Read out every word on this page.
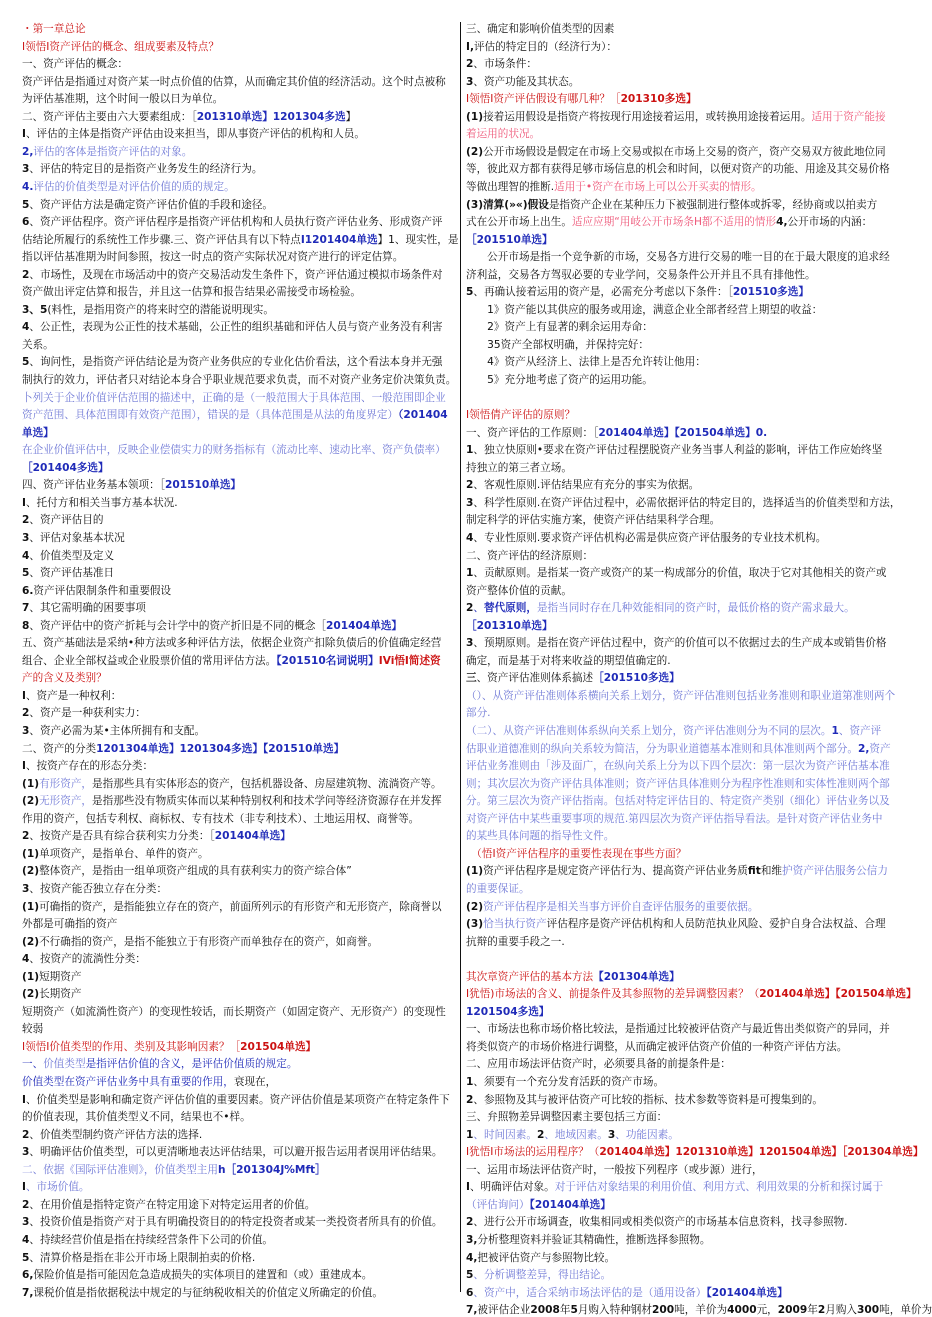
・第一章总论
I领悟I资产评估的概念、组成要素及特点？
一、资产评估的概念：
资产评估是指通过对资产某一时点价值的估算，从而确定其价值的经济活动。这个时点被称
为评估基准期，这个时间一般以日为单位。
二、资产评估主要由六大要素组成：［201310单选】1201304多选】
I、评估的主体是指资产评估由设来担当，即从事资产评估的机构和人员。
2,评估的客体是指资产评估的对象。
3、评估的特定目的是指资产业务发生的经济行为。
4.评估的价值类型是对评估价值的质的规定。
5、资产评估方法是确定资产评估价值的手段和途径。
6、资产评估程序。资产评估程序是指资产评估机构和人员执行资产评估业务、形成资产评
估结论所履行的系统性工作步骤.三、资产评估具有以下特点I1201404单选】1、现实性，是
指以评估基准期为时间参照，按这一时点的资产实际状况对资产进行的评定估算。
2、市场性，及现在市场活动中的资产交易活动发生条件下，资产评估通过模拟市场条件对
资产做出评定估算和报告，并且这一估算和报告结果必需接受市场检验。
3、5(料性，是指用资产的将来时空的潜能说明现实。
4、公正性，表现为公正性的技术基础，公正性的组织基础和评估人员与资产业务没有利害
关系。
5、询问性，是指资产评估结论是为资产业务供应的专业化估价看法，这个看法本身并无强
制执行的效力，评估者只对结论本身合乎职业规范要求负责，而不对资产业务定价决策负责。
卜列关于企业价值评估范围的描述中，正确的是（一般范围大于具体范围、一般范围即企业
资产范围、具体范围即有效资产范围），错误的是（具体范围是从法的角度界定）（201404
单选】
在企业价值评估中，反映企业偿债实力的财务指标有（流动比率、速动比率、资产负债率）
［201404多选】
四、资产评估业务基本领项：［201510单选】
I、托付方和相关当事方基本状况.
2、资产评估目的
3、评估对象基本状况
4、价值类型及定义
5、资产评估基准日
6.资产评估限制条件和重要假设
7、其它需明确的困要事项
8、资产评估中的资产折耗与会计学中的资产折旧是不同的概念［201404单选】
五、资产基础法是采纳•种方法或多种评估方法，依据企业资产扣除负债后的价值确定经营
组合、企业全部权益或企业股票价值的常用评估方法。【201510名词说明】IVi悟I简述资
产的含义及类别？
I、资产是一种权利：
2、资产是一种获利实力：
3、资产必需为某•主体所拥有和支配。
二、资产的分类1201304单选】1201304多选】【201510单选】
I、按资产存在的形态分类：
(1)有形资产，是指那些具有实体形态的资产，包括机器设备、房屋建筑物、流淌资产等。
(2)无形资产，是指那些没有物质实体而以某种特别权利和技术学问等经济资源存在并发挥
作用的资产，包括专利权、商标权、专有技术（非专利技术）、土地运用权、商誉等。
2、按资产是否具有综合获利实力分类：［201404单选】
(1)单项资产，是指单台、单件的资产。
(2)整体资产，是指由一组单项资产组成的具有获利实力的资产综合体”
3、按资产能否独立存在分类：
(1)可确指的资产，是指能独立存在的资产，前面所列示的有形资产和无形资产，除商誉以
外都是可确指的资产
(2)不行确指的资产，是指不能独立于有形资产而单独存在的资产，如商誉。
4、按资产的流淌性分类：
(1)短期资产
(2)长期资产
短期资产（如流淌性资产）的变现性较话，而长期资产（如固定资产、无形资产）的变现性
较弱
I领悟I价值类型的作用、类别及其影响因素？［201504单选】
一、价值类型是指评估价值的含义，是评估价值质的规定。
价值类型在资产评估业务中具有重要的作用，衰现在，
I、价值类型是影响和确定资产评估价值的重要因素。资产评估价值是某项资产在特定条件下
的价值表现，其价值类型义不同，结果也不•样。
2、价值类型制约资产评估方法的选择.
3、明确评估价值类型，可以更清晰地表达评估结果，可以避开报告运用者误用评估结果。
二、依据《国际评估准则》，价值类型主用h［201304J%Mft］
I、市场价值。
2、在用价值是指特定资产在特定用途下对特定运用者的价值。
3、投资价值是指资产对于具有明确投资目的的特定投资者或某一类投资者所具有的价值。
4、持续经营价值是指在持续经营条件下公司的价值。
5、清算价格是指在非公开市场上限制拍卖的价格.
6,保险价值是指可能因危急造成损失的实体项目的建置和（或）重建成本。
7,课税价值是指依据税法中规定的与征纳税收相关的价值定义所确定的价值。
三、确定和影响价值类型的因素
I,评估的特定目的（经济行为）：
2、市场条件：
3、资产功能及其状态。
I领悟I资产评估假设有哪几种？［201310多选】
(1)接着运用假设是指资产将按现行用途接着运用，或转换用途接着运用。适用于资产能接
着运用的状况。
(2)公开市场假设是假定在市场上交易或拟在市场上交易的资产，资产交易双方彼此地位同
等，彼此双方都有获得足够市场信息的机会和时间，以便对资产的功能、用途及其交易价格
等做出理智的推断.适用于•资产在市场上可以公开买卖的情形。
(3)清算(»«)假设是指资产企业在某种压力下被强制进行整体或拆零，经协商或以拍卖方
式在公开市场上出生。适应应期“用岐公开市场条H都不适用的情形4,公开市场的内涵：
［201510单选】
　　公开市场是指一个竞争新的市场，交易各方进行交易的唯一目的在于最大限度的追求经
济利益，交易各方驾驭必要的专业学问，交易条件公开并且不具有排他性。
5、再确认接着运用的资产是，必需充分考虑以下条件：［201510多选】
　　1》资产能以其供应的服务或用途，满意企业全部者经营上期望的收益：
　　2》资产上有显著的剩余运用寿命：
　　35资产全部权明确，并保持完好：
　　4》资产从经济上、法律上是否允许转让他用：
　　5》充分地考虑了资产的运用功能。
I领悟倩产评估的原则？
一、资产评估的工作原则：［201404单选】【201504单选】0.
1、独立快原则•要求在资产评估过程摆脱资产业务当事人利益的影响，评估工作应始终坚
持独立的第三者立场。
2、客观性原则.评估结果应有充分的事实为依据。
3、科学性原则.在资产评估过程中，必需依据评估的特定目的，选择适当的价值类型和方法，
制定科学的评估实施方案，使资产评估结果科学合理。
4、专业性原则.要求资产评估机构必需是供应资产评估服务的专业技术机构。
二、资产评估的经济原则：
1、贡献原则。是指某一资产或资产的某一构成部分的价值，取决于它对其他相关的资产或
资产整体价值的贡献。
2、替代原则，是指当同时存在几种效能相同的资产时，最低价格的资产需求最大。
［201310单选】
3、预期原则。是指在资产评估过程中，资产的价值可以不依据过去的生产成本或销售价格
确定，而是基于对将来收益的期望值确定的.
三、资产评估准则体系搞述［201510多选】
（）、从资产评估准则体系横向关系上划分，资产评估准则包括业务准则和职业道第准则两个
部分.
（二）、从资产评估准则体系纵向关系上划分，资产评估准则分为不同的层次。1、资产评
估职业道德准则的纵向关系较为简洁，分为职业道德基本准则和具体准则两个部分。2,资产
评估业务准则由「涉及面广，在纵向关系上分为以下四个层次：第一层次为资产评估基本准
则；其次层次为资产评估具体准则；资产评估具体准则分为程序性准则和实体性准则两个部
分。第三层次为资产评估指南。包括对特定评估目的、特定资产类别（细化）评估业务以及
对资产评估中某些重要事项的规范.第四层次为资产评估指导看法。是针对资产评估业务中
的某些具体问题的指导性文件。
　（悟I资产评估程序的重要性表现在事些方面？
(1)资产评估程序是规定资产评估行为、提高资产评估业务质fit和维护资产评估服务公信力
的重要保证。
(2)资产评估程序是相关当事方评价自查评估服务的重要依据。
(3)恰当执行资产评估程序是资产评估机构和人员防范执业风险、爱护自身合法权益、合理
抗辩的重要手段之一.
其次章资产评估的基本方法【201304单选】
I犹悟)市场法的含义、前提条件及其参照物的差异调整因素？（201404单选】【201504单选】
1201504多选】
一、市场法也称市场价格比较法，是指通过比较被评估资产与最近售出类似资产的异同，并
将类似资产的市场价格进行调整，从而确定被评估资产价值的一种资产评估方法。
二、应用市场法评估资产时，必须要具备的前提条件是：
1、须要有一个充分发育活跃的资产市场。
2、参照物及其与被评估资产可比较的指标、技术参数等资料是可搜集到的。
三、弁照物差异调整因素主要包括三方面：
1、时间因素。2、地域因素。3、功能因素。
I犹悟I市场法的运用程序？（201404单选】1201310单选】1201504单选】［201304单选】
一、运用市场法评估资产时，一般按下列程序（或步源）进行，
I、明确评估对象。对于评估对象结果的利用价值、利用方式、利用效果的分析和探讨属于
（评估询问）【201404单选】
2、进行公开市场调查，收集相同或相类似资产的市场基本信息资料，找寻参照物.
3,分析整理资料并验证其精确性，推断选择参照物。
4,把被评估资产与参照物比较。
5、分析调整差异，得出结论。
6、资产中，适合采纳市场法评估的是（通用设备）【201404单选】
7,被评估企业2008年5月购入特种钢材200吨，羊价为4000元，2009年2月购入300吨，单价为
